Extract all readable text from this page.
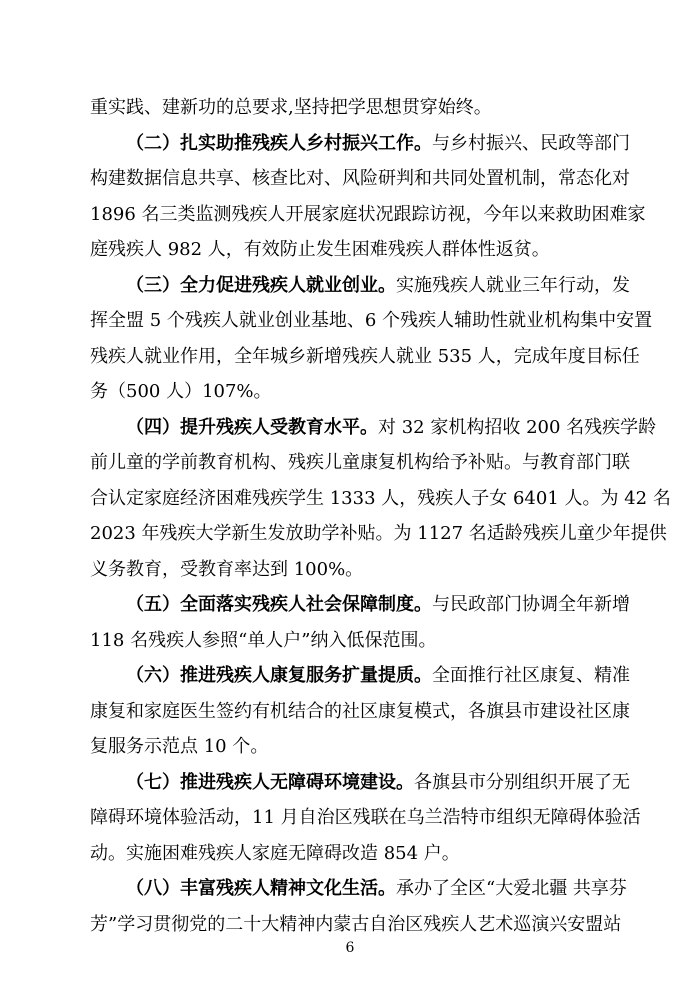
重实践、建新功的总要求,坚持把学思想贯穿始终。
（二）扎实助推残疾人乡村振兴工作。与乡村振兴、民政等部门
构建数据信息共享、核查比对、风险研判和共同处置机制，常态化对
1896 名三类监测残疾人开展家庭状况跟踪访视，今年以来救助困难家
庭残疾人 982 人，有效防止发生困难残疾人群体性返贫。
（三）全力促进残疾人就业创业。实施残疾人就业三年行动，发
挥全盟 5 个残疾人就业创业基地、6 个残疾人辅助性就业机构集中安置
残疾人就业作用，全年城乡新增残疾人就业 535 人，完成年度目标任
务（500 人）107%。
（四）提升残疾人受教育水平。对 32 家机构招收 200 名残疾学龄
前儿童的学前教育机构、残疾儿童康复机构给予补贴。与教育部门联
合认定家庭经济困难残疾学生 1333 人，残疾人子女 6401 人。为 42 名
2023 年残疾大学新生发放助学补贴。为 1127 名适龄残疾儿童少年提供
义务教育，受教育率达到 100%。
（五）全面落实残疾人社会保障制度。与民政部门协调全年新增
118 名残疾人参照“单人户”纳入低保范围。
（六）推进残疾人康复服务扩量提质。全面推行社区康复、精准
康复和家庭医生签约有机结合的社区康复模式，各旗县市建设社区康
复服务示范点 10 个。
（七）推进残疾人无障碍环境建设。各旗县市分别组织开展了无
障碍环境体验活动，11 月自治区残联在乌兰浩特市组织无障碍体验活
动。实施困难残疾人家庭无障碍改造 854 户。
（八）丰富残疾人精神文化生活。承办了全区“大爱北疆 共享芬
芳”学习贯彻党的二十大精神内蒙古自治区残疾人艺术巡演兴安盟站
6
